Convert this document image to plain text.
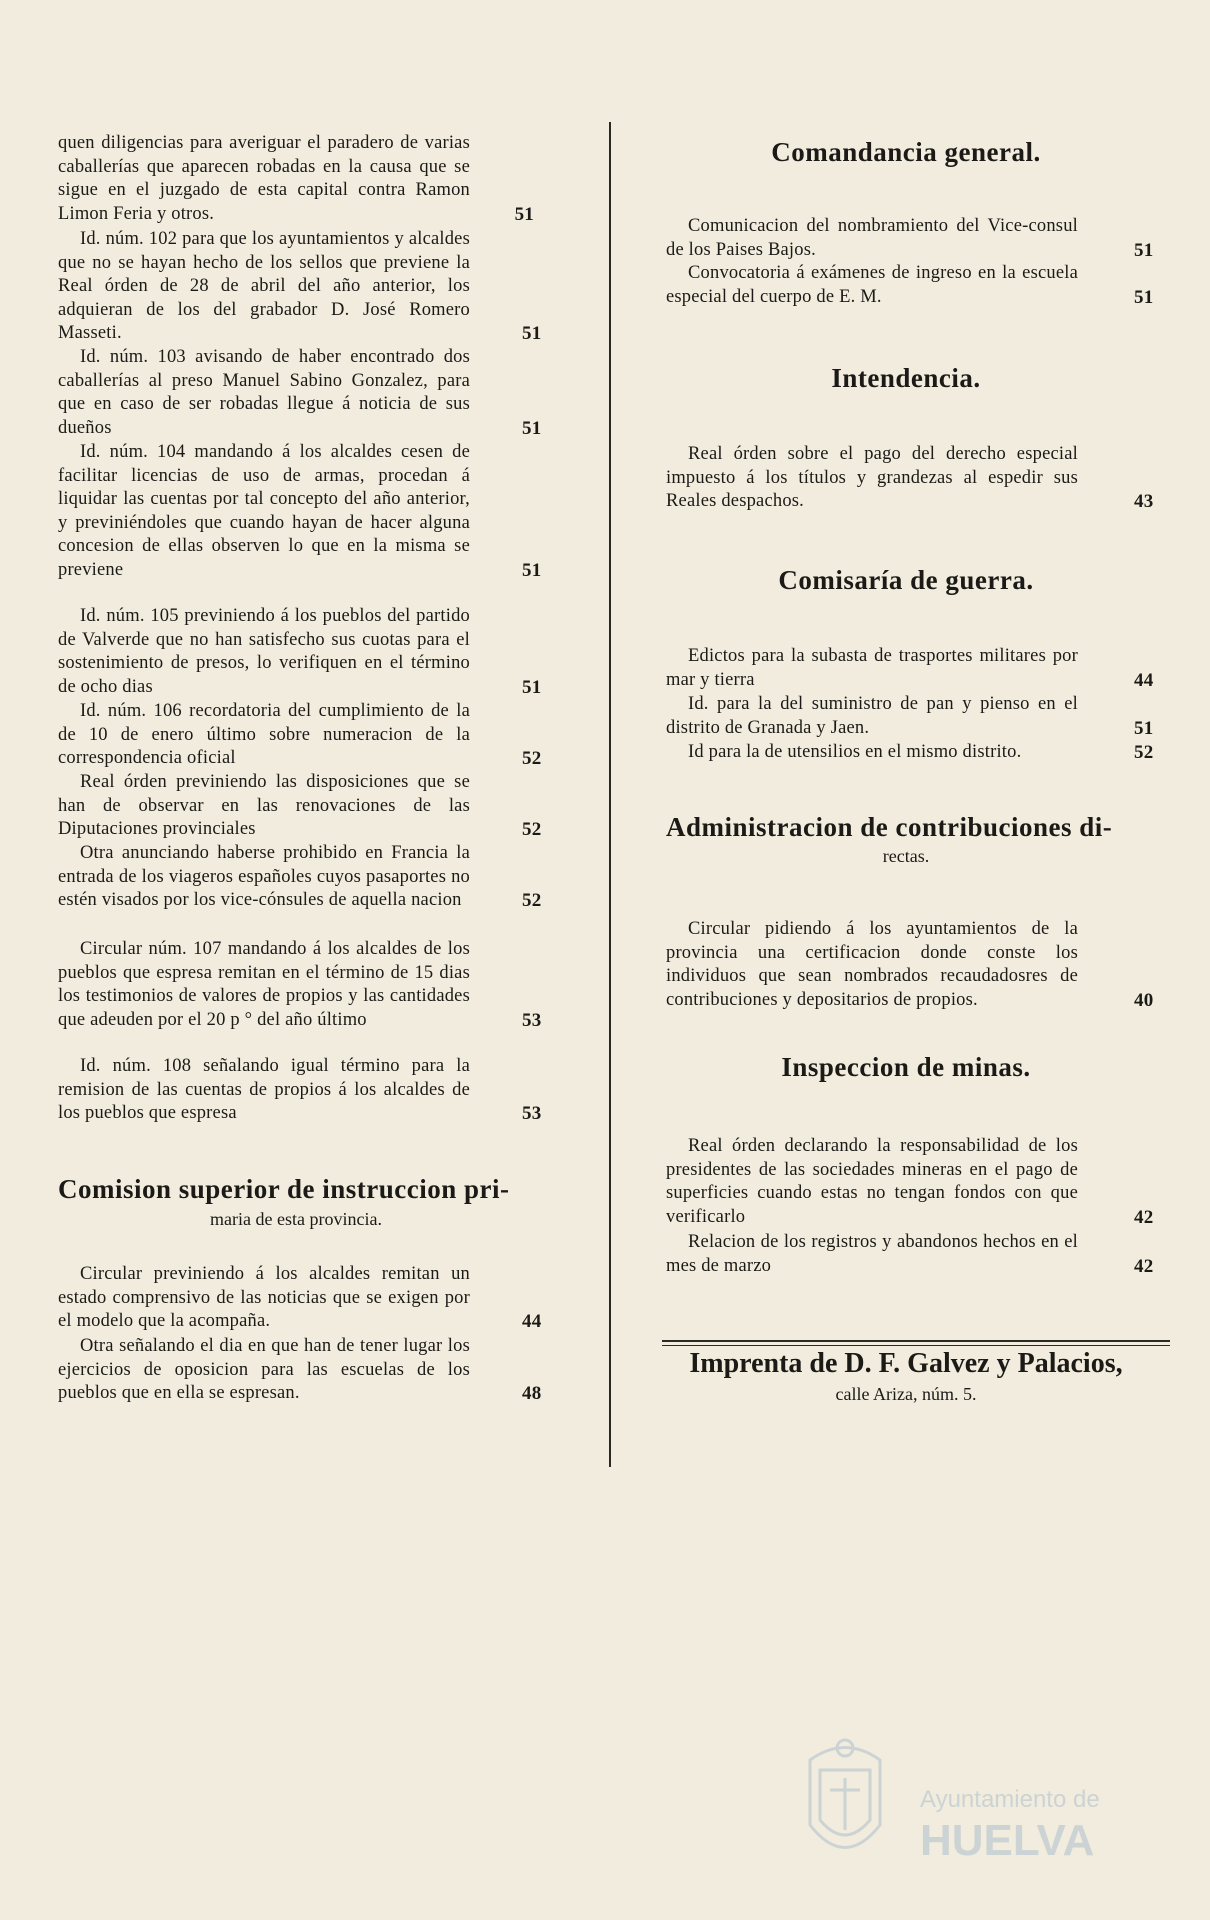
quen diligencias para averiguar el paradero de varias caballerías que aparecen robadas en la causa que se sigue en el juzgado de esta capital contra Ramon Limon Feria y otros.	51
Id. núm. 102 para que los ayuntamientos y alcaldes que no se hayan hecho de los sellos que previene la Real órden de 28 de abril del año anterior, los adquieran de los del grabador D. José Romero Masseti.	51
Id. núm. 103 avisando de haber encontrado dos caballerías al preso Manuel Sabino Gonzalez, para que en caso de ser robadas llegue á noticia de sus dueños	51
Id. núm. 104 mandando á los alcaldes cesen de facilitar licencias de uso de armas, procedan á liquidar las cuentas por tal concepto del año anterior, y previniéndoles que cuando hayan de hacer alguna concesion de ellas observen lo que en la misma se previene	51
Id. núm. 105 previniendo á los pueblos del partido de Valverde que no han satisfecho sus cuotas para el sostenimiento de presos, lo verifiquen en el término de ocho dias	51
Id. núm. 106 recordatoria del cumplimiento de la de 10 de enero último sobre numeracion de la correspondencia oficial	52
Real órden previniendo las disposiciones que se han de observar en las renovaciones de las Diputaciones provinciales	52
Otra anunciando haberse prohibido en Francia la entrada de los viageros españoles cuyos pasaportes no estén visados por los vice-cónsules de aquella nacion	52
Circular núm. 107 mandando á los alcaldes de los pueblos que espresa remitan en el término de 15 dias los testimonios de valores de propios y las cantidades que adeuden por el 20 p ° del año último	53
Id. núm. 108 señalando igual término para la remision de las cuentas de propios á los alcaldes de los pueblos que espresa	53
Comision superior de instruccion pri-
maria de esta provincia.
Circular previniendo á los alcaldes remitan un estado comprensivo de las noticias que se exigen por el modelo que la acompaña.	44
Otra señalando el dia en que han de tener lugar los ejercicios de oposicion para las escuelas de los pueblos que en ella se espresan.	48
Comandancia general.
Comunicacion del nombramiento del Vice-consul de los Paises Bajos.	51
Convocatoria á exámenes de ingreso en la escuela especial del cuerpo de E. M.	51
Intendencia.
Real órden sobre el pago del derecho especial impuesto á los títulos y grandezas al espedir sus Reales despachos.	43
Comisaría de guerra.
Edictos para la subasta de trasportes militares por mar y tierra	44
Id. para la del suministro de pan y pienso en el distrito de Granada y Jaen.	51
Id para la de utensilios en el mismo distrito.	52
Administracion de contribuciones di-
rectas.
Circular pidiendo á los ayuntamientos de la provincia una certificacion donde conste los individuos que sean nombrados recaudadosres de contribuciones y depositarios de propios.	40
Inspeccion de minas.
Real órden declarando la responsabilidad de los presidentes de las sociedades mineras en el pago de superficies cuando estas no tengan fondos con que verificarlo	42
Relacion de los registros y abandonos hechos en el mes de marzo	42
Imprenta de D. F. Galvez y Palacios,
calle Ariza, núm. 5.
Ayuntamiento de
HUELVA
